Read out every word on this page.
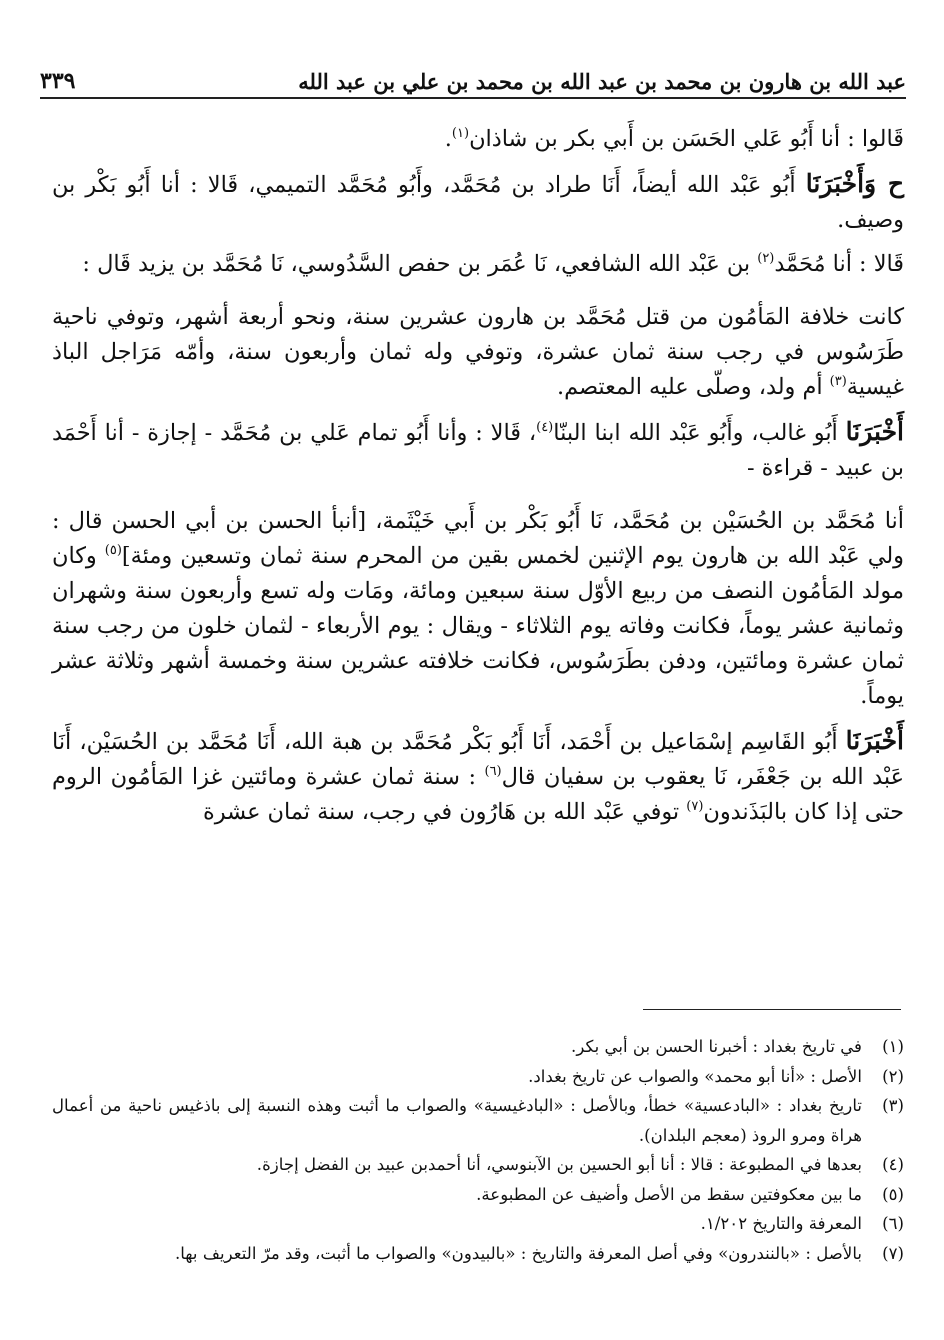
عبد الله بن هارون بن محمد بن عبد الله بن محمد بن علي بن عبد الله
٣٣٩

قَالوا : أنا أَبُو عَلي الحَسَن بن أَبي بكر بن شاذان$^{(١)}$.

ح وَأَخْبَرَنَا أَبُو عَبْد الله أيضاً، أَنَا طراد بن مُحَمَّد، وأَبُو مُحَمَّد التميمي، قَالا : أنا أَبُو بَكْر بن وصيف.

قَالا : أنا مُحَمَّد$^{(٢)}$ بن عَبْد الله الشافعي، نَا عُمَر بن حفص السَّدُوسي، نَا مُحَمَّد بن يزيد قَال :

كانت خلافة المَأمُون من قتل مُحَمَّد بن هارون عشرين سنة، ونحو أربعة أشهر، وتوفي ناحية طَرَسُوس في رجب سنة ثمان عشرة، وتوفي وله ثمان وأربعون سنة، وأمّه مَرَاجل الباذ غيسية$^{(٣)}$ أم ولد، وصلّى عليه المعتصم.

أَخْبَرَنَا أَبُو غالب، وأَبُو عَبْد الله ابنا البنّا$^{(٤)}$، قَالا : وأنا أَبُو تمام عَلي بن مُحَمَّد - إجازة - أنا أَحْمَد بن عبيد - قراءة -

أنا مُحَمَّد بن الحُسَيْن بن مُحَمَّد، نَا أَبُو بَكْر بن أَبي خَيْثَمة، [أنبأ الحسن بن أبي الحسن قال : ولي عَبْد الله بن هارون يوم الإثنين لخمس بقين من المحرم سنة ثمان وتسعين ومئة]$^{(٥)}$ وكان مولد المَأمُون النصف من ربيع الأوّل سنة سبعين ومائة، ومَات وله تسع وأربعون سنة وشهران وثمانية عشر يوماً، فكانت وفاته يوم الثلاثاء - ويقال : يوم الأربعاء - لثمان خلون من رجب سنة ثمان عشرة ومائتين، ودفن بطَرَسُوس، فكانت خلافته عشرين سنة وخمسة أشهر وثلاثة عشر يوماً.

أَخْبَرَنَا أَبُو القَاسِم إسْمَاعيل بن أَحْمَد، أَنَا أَبُو بَكْر مُحَمَّد بن هبة الله، أَنَا مُحَمَّد بن الحُسَيْن، أَنَا عَبْد الله بن جَعْفَر، نَا يعقوب بن سفيان قال$^{(٦)}$ : سنة ثمان عشرة ومائتين غزا المَأمُون الروم حتى إذا كان بالبَذَندون$^{(٧)}$ توفي عَبْد الله بن هَارُون في رجب، سنة ثمان عشرة

(١)
في تاريخ بغداد : أخبرنا الحسن بن أبي بكر.
(٢)
الأصل : «أنا أبو محمد» والصواب عن تاريخ بغداد.
(٣)
تاريخ بغداد : «البادعسية» خطأ، وبالأصل : «البادغيسية» والصواب ما أثبت وهذه النسبة إلى باذغيس ناحية من أعمال هراة ومرو الروذ (معجم البلدان).
(٤)
بعدها في المطبوعة : قالا : أنا أبو الحسين بن الآبنوسي، أنا أحمدبن عبيد بن الفضل إجازة.
(٥)
ما بين معكوفتين سقط من الأصل وأضيف عن المطبوعة.
(٦)
المعرفة والتاريخ ١/٢٠٢.
(٧)
بالأصل : «بالنندرون» وفي أصل المعرفة والتاريخ : «بالبيدون» والصواب ما أثبت، وقد مرّ التعريف بها.
